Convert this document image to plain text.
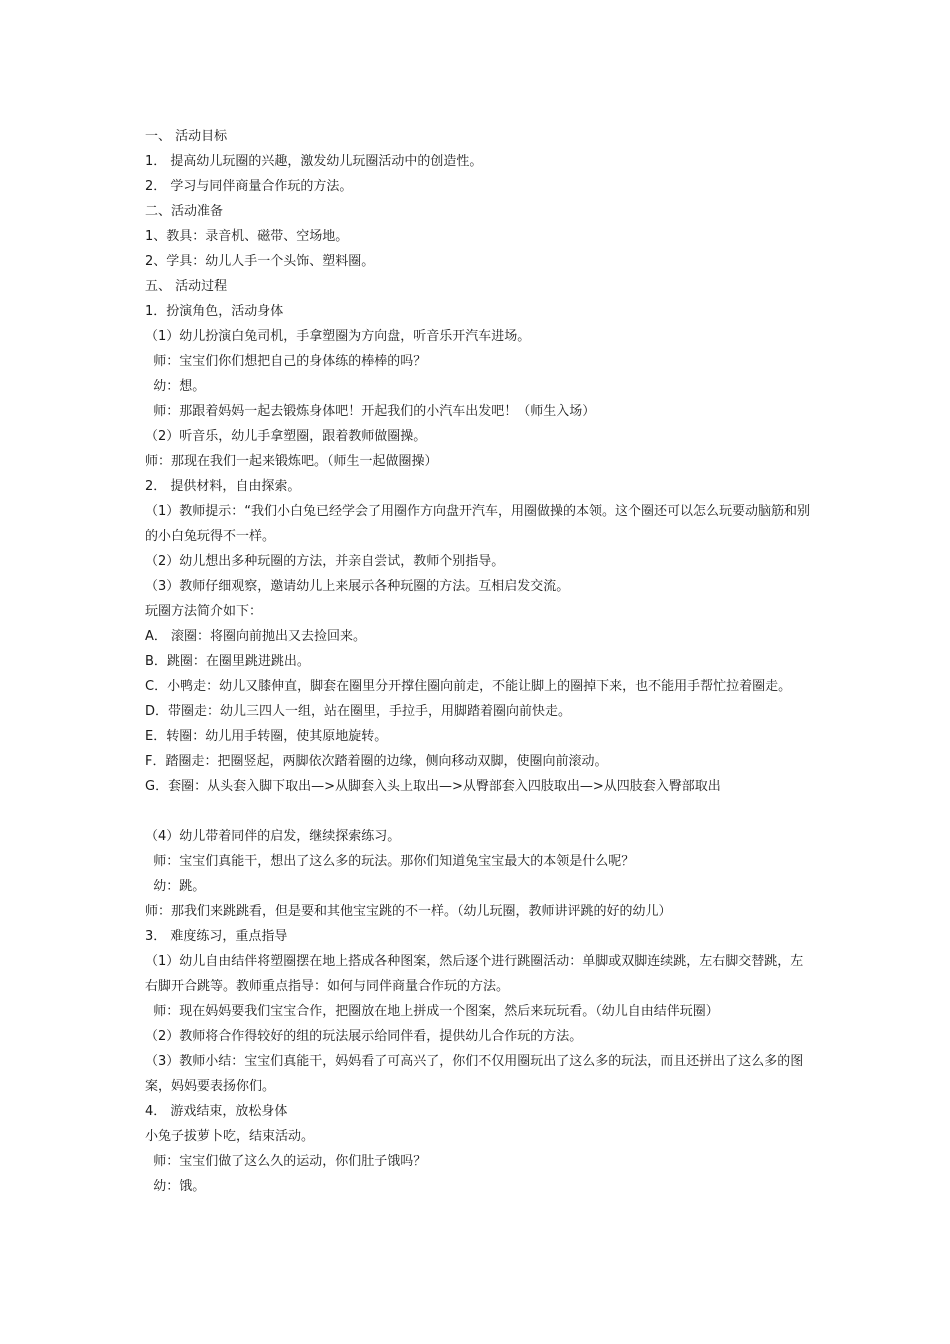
一、 活动目标
1． 提高幼儿玩圈的兴趣，激发幼儿玩圈活动中的创造性。
2． 学习与同伴商量合作玩的方法。
二、活动准备
1、教具：录音机、磁带、空场地。
2、学具：幼儿人手一个头饰、塑料圈。
五、 活动过程
1．扮演角色，活动身体
（1）幼儿扮演白兔司机，手拿塑圈为方向盘，听音乐开汽车进场。
师：宝宝们你们想把自己的身体练的棒棒的吗？
幼：想。
师：那跟着妈妈一起去锻炼身体吧！开起我们的小汽车出发吧！（师生入场）
（2）听音乐，幼儿手拿塑圈，跟着教师做圈操。
师：那现在我们一起来锻炼吧。（师生一起做圈操）
2． 提供材料，自由探索。
（1）教师提示：“我们小白兔已经学会了用圈作方向盘开汽车，用圈做操的本领。这个圈还可以怎么玩要动脑筋和别的小白兔玩得不一样。
（2）幼儿想出多种玩圈的方法，并亲自尝试，教师个别指导。
（3）教师仔细观察，邀请幼儿上来展示各种玩圈的方法。互相启发交流。
玩圈方法简介如下：
A． 滚圈：将圈向前抛出又去捡回来。
B．跳圈：在圈里跳进跳出。
C．小鸭走：幼儿又膝伸直，脚套在圈里分开撑住圈向前走，不能让脚上的圈掉下来，也不能用手帮忙拉着圈走。
D．带圈走：幼儿三四人一组，站在圈里，手拉手，用脚踏着圈向前快走。
E．转圈：幼儿用手转圈，使其原地旋转。
F．踏圈走：把圈竖起，两脚依次踏着圈的边缘，侧向移动双脚，使圈向前滚动。
G．套圈：从头套入脚下取出—>从脚套入头上取出—>从臀部套入四肢取出—>从四肢套入臀部取出
（4）幼儿带着同伴的启发，继续探索练习。
师：宝宝们真能干，想出了这么多的玩法。那你们知道兔宝宝最大的本领是什么呢？
幼：跳。
师：那我们来跳跳看，但是要和其他宝宝跳的不一样。（幼儿玩圈，教师讲评跳的好的幼儿）
3． 难度练习，重点指导
（1）幼儿自由结伴将塑圈摆在地上搭成各种图案，然后逐个进行跳圈活动：单脚或双脚连续跳，左右脚交替跳，左右脚开合跳等。教师重点指导：如何与同伴商量合作玩的方法。
师：现在妈妈要我们宝宝合作，把圈放在地上拼成一个图案，然后来玩玩看。（幼儿自由结伴玩圈）
（2）教师将合作得较好的组的玩法展示给同伴看，提供幼儿合作玩的方法。
（3）教师小结：宝宝们真能干，妈妈看了可高兴了，你们不仅用圈玩出了这么多的玩法，而且还拼出了这么多的图案，妈妈要表扬你们。
4． 游戏结束，放松身体
小兔子拔萝卜吃，结束活动。
师：宝宝们做了这么久的运动，你们肚子饿吗？
幼：饿。
